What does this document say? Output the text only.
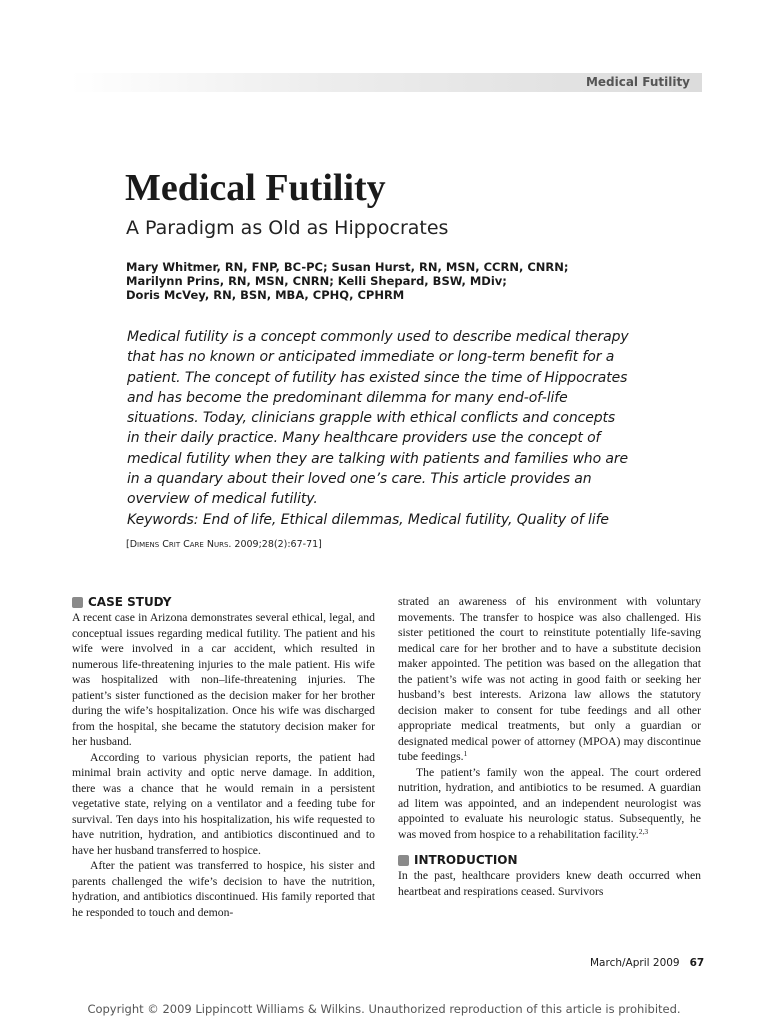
Medical Futility
Medical Futility
A Paradigm as Old as Hippocrates
Mary Whitmer, RN, FNP, BC-PC; Susan Hurst, RN, MSN, CCRN, CNRN;
Marilynn Prins, RN, MSN, CNRN; Kelli Shepard, BSW, MDiv;
Doris McVey, RN, BSN, MBA, CPHQ, CPHRM
Medical futility is a concept commonly used to describe medical therapy
that has no known or anticipated immediate or long-term benefit for a
patient. The concept of futility has existed since the time of Hippocrates
and has become the predominant dilemma for many end-of-life
situations. Today, clinicians grapple with ethical conflicts and concepts
in their daily practice. Many healthcare providers use the concept of
medical futility when they are talking with patients and families who are
in a quandary about their loved one’s care. This article provides an
overview of medical futility.
Keywords: End of life, Ethical dilemmas, Medical futility, Quality of life
[Dimens Crit Care Nurs. 2009;28(2):67-71]
CASE STUDY

A recent case in Arizona demonstrates several ethical, legal, and conceptual issues regarding medical futility. The patient and his wife were involved in a car accident, which resulted in numerous life-threatening injuries to the male patient. His wife was hospitalized with non–life-threatening injuries. The patient’s sister functioned as the decision maker for her brother during the wife’s hospitalization. Once his wife was discharged from the hospital, she became the statutory decision maker for her husband.

According to various physician reports, the patient had minimal brain activity and optic nerve damage. In addition, there was a chance that he would remain in a persistent vegetative state, relying on a ventilator and a feeding tube for survival. Ten days into his hospitalization, his wife requested to have nutrition, hydration, and antibiotics discontinued and to have her husband transferred to hospice.

After the patient was transferred to hospice, his sister and parents challenged the wife’s decision to have the nutrition, hydration, and antibiotics discontinued. His family reported that he responded to touch and demon-

strated an awareness of his environment with voluntary movements. The transfer to hospice was also challenged. His sister petitioned the court to reinstitute potentially life-saving medical care for her brother and to have a substitute decision maker appointed. The petition was based on the allegation that the patient’s wife was not acting in good faith or seeking her husband’s best interests. Arizona law allows the statutory decision maker to consent for tube feedings and all other appropriate medical treatments, but only a guardian or designated medical power of attorney (MPOA) may discontinue tube feedings.$^1$

The patient’s family won the appeal. The court ordered nutrition, hydration, and antibiotics to be resumed. A guardian ad litem was appointed, and an independent neurologist was appointed to evaluate his neurologic status. Subsequently, he was moved from hospice to a rehabilitation facility.$^{2,3}$

INTRODUCTION

In the past, healthcare providers knew death occurred when heartbeat and respirations ceased. Survivors

March/April 2009 67
Copyright © 2009 Lippincott Williams & Wilkins. Unauthorized reproduction of this article is prohibited.
